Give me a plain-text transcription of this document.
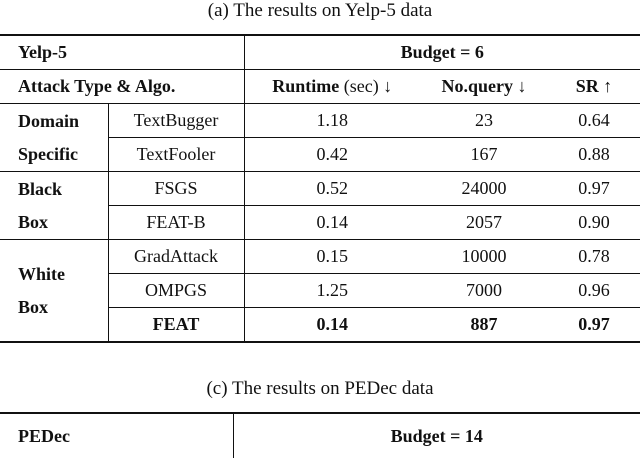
(a) The results on Yelp-5 data
Yelp-5		Budget = 6		
Attack Type & Algo.		Runtime (sec) ↓	No.query ↓	SR ↑

Domain
Specific	TextBugger	1.18	23	0.64
	TextFooler	0.42	167	0.88

Black
Box	FSGS	0.52	24000	0.97
	FEAT-B	0.14	2057	0.90

White
Box	GradAttack	0.15	10000	0.78
	OMPGS	1.25	7000	0.96
	FEAT	0.14	887	0.97
(c) The results on PEDec data
PEDec	Budget = 14
